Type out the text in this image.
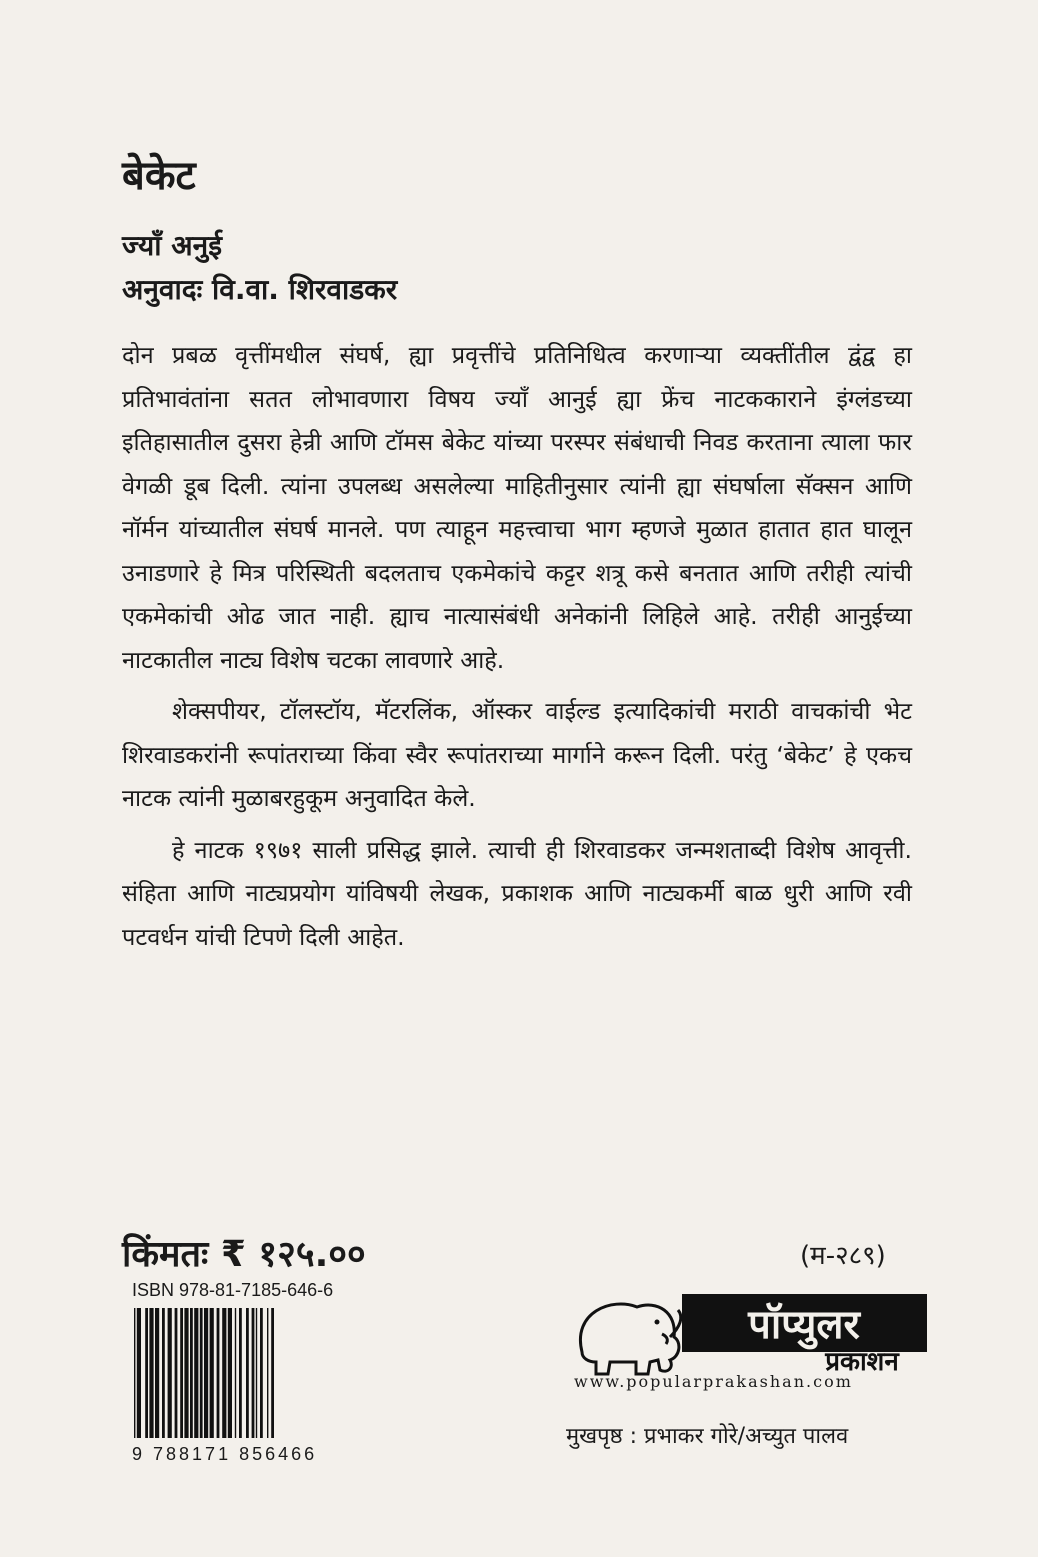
बेकेट
ज्याँ अनुई
अनुवादः वि.वा. शिरवाडकर

दोन प्रबळ वृत्तींमधील संघर्ष, ह्या प्रवृत्तींचे प्रतिनिधित्व करणाऱ्या व्यक्तींतील द्वंद्व हा प्रतिभावंतांना सतत लोभावणारा विषय ज्याँ आनुई ह्या फ्रेंच नाटककाराने इंग्लंडच्या इतिहासातील दुसरा हेन्री आणि टॉमस बेकेट यांच्या परस्पर संबंधाची निवड करताना त्याला फार वेगळी डूब दिली. त्यांना उपलब्ध असलेल्या माहितीनुसार त्यांनी ह्या संघर्षाला सॅक्सन आणि नॉर्मन यांच्यातील संघर्ष मानले. पण त्याहून महत्त्वाचा भाग म्हणजे मुळात हातात हात घालून उनाडणारे हे मित्र परिस्थिती बदलताच एकमेकांचे कट्टर शत्रू कसे बनतात आणि तरीही त्यांची एकमेकांची ओढ जात नाही. ह्याच नात्यासंबंधी अनेकांनी लिहिले आहे. तरीही आनुईच्या नाटकातील नाट्य विशेष चटका लावणारे आहे.

शेक्सपीयर, टॉलस्टॉय, मॅटरलिंक, ऑस्कर वाईल्ड इत्यादिकांची मराठी वाचकांची भेट शिरवाडकरांनी रूपांतराच्या किंवा स्वैर रूपांतराच्या मार्गाने करून दिली. परंतु ‘बेकेट’ हे एकच नाटक त्यांनी मुळाबरहुकूम अनुवादित केले.

हे नाटक १९७१ साली प्रसिद्ध झाले. त्याची ही शिरवाडकर जन्मशताब्दी विशेष आवृत्ती. संहिता आणि नाट्यप्रयोग यांविषयी लेखक, प्रकाशक आणि नाट्यकर्मी बाळ धुरी आणि रवी पटवर्धन यांची टिपणे दिली आहेत.

किंमतः ₹ १२५.००	(म-२८९)
ISBN 978-81-7185-646-6
9 788171 856466
पॉप्युलर
प्रकाशन
www.popularprakashan.com
मुखपृष्ठ : प्रभाकर गोरे/अच्युत पालव
